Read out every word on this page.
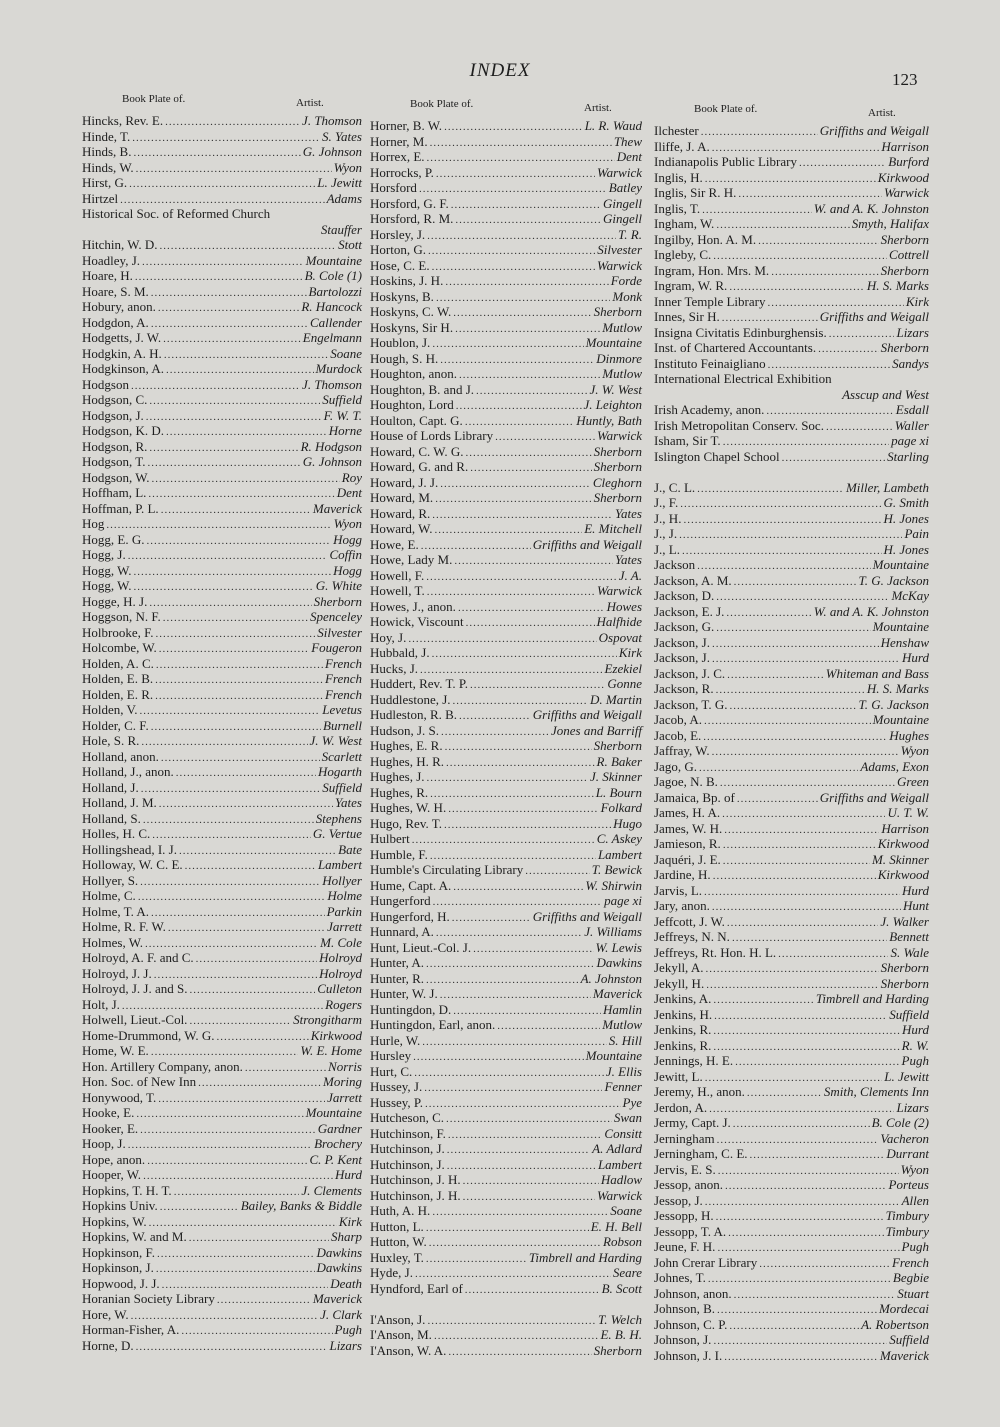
INDEX	123
Book Plate of.	Artist.
Hincks, Rev. E. .....	J. Thomson
Hinde, T. .....	S. Yates
Hinds, B. .....	G. Johnson
Hinds, W. .....	Wyon
Hirst, G. .....	L. Jewitt
Hirtzel .....	Adams
Historical Soc. of Reformed Church
Stauffer
Hitchin, W. D. .....	Stott
Hoadley, J. .....	Mountaine
Hoare, H. .....	B. Cole (1)
Hoare, S. M. .....	Bartolozzi
Hobury, anon. .....	R. Hancock
Hodgdon, A. .....	Callender
Hodgetts, J. W. .....	Engelmann
Hodgkin, A. H. .....	Soane
Hodgkinson, A. .....	Murdock
Hodgson .....	J. Thomson
Hodgson, C. .....	Suffield
Hodgson, J. .....	F. W. T.
Hodgson, K. D. .....	Horne
Hodgson, R. .....	R. Hodgson
Hodgson, T. .....	G. Johnson
Hodgson, W. .....	Roy
Hoffham, L. .....	Dent
Hoffman, P. L. .....	Maverick
Hog .....	Wyon
Hogg, E. G. .....	Hogg
Hogg, J. .....	Coffin
Hogg, W. .....	Hogg
Hogg, W. .....	G. White
Hogge, H. J. .....	Sherborn
Hoggson, N. F. .....	Spenceley
Holbrooke, F. .....	Silvester
Holcombe, W. .....	Fougeron
Holden, A. C. .....	French
Holden, E. B. .....	French
Holden, E. R. .....	French
Holden, V. .....	Levetus
Holder, C. F. .....	Burnell
Hole, S. R. .....	J. W. West
Holland, anon. .....	Scarlett
Holland, J., anon. .....	Hogarth
Holland, J. .....	Suffield
Holland, J. M. .....	Yates
Holland, S. .....	Stephens
Holles, H. C. .....	G. Vertue
Hollingshead, I. J. .....	Bate
Holloway, W. C. E. .....	Lambert
Hollyer, S. .....	Hollyer
Holme, C. .....	Holme
Holme, T. A. .....	Parkin
Holme, R. F. W. .....	Jarrett
Holmes, W. .....	M. Cole
Holroyd, A. F. and C. .....	Holroyd
Holroyd, J. J. .....	Holroyd
Holroyd, J. J. and S. .....	Culleton
Holt, J. .....	Rogers
Holwell, Lieut.-Col. .....	Strongitharm
Home-Drummond, W. G. .....	Kirkwood
Home, W. E. .....	W. E. Home
Hon. Artillery Company, anon. .....	Norris
Hon. Soc. of New Inn .....	Moring
Honywood, T. .....	Jarrett
Hooke, E. .....	Mountaine
Hooker, E. .....	Gardner
Hoop, J. .....	Brochery
Hope, anon. .....	C. P. Kent
Hooper, W. .....	Hurd
Hopkins, T. H. T. .....	J. Clements
Hopkins Univ. .....	Bailey, Banks & Biddle
Hopkins, W. .....	Kirk
Hopkins, W. and M. .....	Sharp
Hopkinson, F. .....	Dawkins
Hopkinson, J. .....	Dawkins
Hopwood, J. J. .....	Death
Horanian Society Library .....	Maverick
Hore, W. .....	J. Clark
Horman-Fisher, A. .....	Pugh
Horne, D. .....	Lizars
Book Plate of.	Artist.
Horner, B. W. .....	L. R. Waud
Horner, M. .....	Thew
Horrex, E. .....	Dent
Horrocks, P. .....	Warwick
Horsford .....	Batley
Horsford, G. F. .....	Gingell
Horsford, R. M. .....	Gingell
Horsley, J. .....	T. R.
Horton, G. .....	Silvester
Hose, C. E. .....	Warwick
Hoskins, J. H. .....	Forde
Hoskyns, B. .....	Monk
Hoskyns, C. W. .....	Sherborn
Hoskyns, Sir H. .....	Mutlow
Houblon, J. .....	Mountaine
Hough, S. H. .....	Dinmore
Houghton, anon. .....	Mutlow
Houghton, B. and J. .....	J. W. West
Houghton, Lord .....	J. Leighton
Houlton, Capt. G. .....	Huntly, Bath
House of Lords Library .....	Warwick
Howard, C. W. G. .....	Sherborn
Howard, G. and R. .....	Sherborn
Howard, J. J. .....	Cleghorn
Howard, M. .....	Sherborn
Howard, R. .....	Yates
Howard, W. .....	E. Mitchell
Howe, E. .....	Griffiths and Weigall
Howe, Lady M. .....	Yates
Howell, F. .....	J. A.
Howell, T. .....	Warwick
Howes, J., anon. .....	Howes
Howick, Viscount .....	Halfhide
Hoy, J. .....	Ospovat
Hubbald, J. .....	Kirk
Hucks, J. .....	Ezekiel
Huddert, Rev. T. P. .....	Gonne
Huddlestone, J. .....	D. Martin
Hudleston, R. B. .....	Griffiths and Weigall
Hudson, J. S. .....	Jones and Barriff
Hughes, E. R. .....	Sherborn
Hughes, H. R. .....	R. Baker
Hughes, J. .....	J. Skinner
Hughes, R. .....	L. Bourn
Hughes, W. H. .....	Folkard
Hugo, Rev. T. .....	Hugo
Hulbert .....	C. Askey
Humble, F. .....	Lambert
Humble's Circulating Library .....	T. Bewick
Hume, Capt. A. .....	W. Shirwin
Hungerford .....	page xi
Hungerford, H. .....	Griffiths and Weigall
Hunnard, A. .....	J. Williams
Hunt, Lieut.-Col. J. .....	W. Lewis
Hunter, A. .....	Dawkins
Hunter, R. .....	A. Johnston
Hunter, W. J. .....	Maverick
Huntingdon, D. .....	Hamlin
Huntingdon, Earl, anon. .....	Mutlow
Hurle, W. .....	S. Hill
Hursley .....	Mountaine
Hurt, C. .....	J. Ellis
Hussey, J. .....	Fenner
Hussey, P. .....	Pye
Hutcheson, C. .....	Swan
Hutchinson, F. .....	Consitt
Hutchinson, J. .....	A. Adlard
Hutchinson, J. .....	Lambert
Hutchinson, J. H. .....	Hadlow
Hutchinson, J. H. .....	Warwick
Huth, A. H. .....	Soane
Hutton, L. .....	E. H. Bell
Hutton, W. .....	Robson
Huxley, T. .....	Timbrell and Harding
Hyde, J. .....	Seare
Hyndford, Earl of .....	B. Scott
I'Anson, J. .....	T. Welch
I'Anson, M. .....	E. B. H.
I'Anson, W. A. .....	Sherborn
Book Plate of.	Artist.
Ilchester .....	Griffiths and Weigall
Iliffe, J. A. .....	Harrison
Indianapolis Public Library .....	Burford
Inglis, H. .....	Kirkwood
Inglis, Sir R. H. .....	Warwick
Inglis, T. .....	W. and A. K. Johnston
Ingham, W. .....	Smyth, Halifax
Ingilby, Hon. A. M. .....	Sherborn
Ingleby, C. .....	Cottrell
Ingram, Hon. Mrs. M. .....	Sherborn
Ingram, W. R. .....	H. S. Marks
Inner Temple Library .....	Kirk
Innes, Sir H. .....	Griffiths and Weigall
Insigna Civitatis Edinburghensis. .....	Lizars
Inst. of Chartered Accountants. .....	Sherborn
Instituto Feinaigliano .....	Sandys
International Electrical Exhibition
Asscup and West
Irish Academy, anon. .....	Esdall
Irish Metropolitan Conserv. Soc. .....	Waller
Isham, Sir T. .....	page xi
Islington Chapel School .....	Starling
J., C. L. .....	Miller, Lambeth
J., F. .....	G. Smith
J., H. .....	H. Jones
J., J. .....	Pain
J., L. .....	H. Jones
Jackson .....	Mountaine
Jackson, A. M. .....	T. G. Jackson
Jackson, D. .....	McKay
Jackson, E. J. .....	W. and A. K. Johnston
Jackson, G. .....	Mountaine
Jackson, J. .....	Henshaw
Jackson, J. .....	Hurd
Jackson, J. C. .....	Whiteman and Bass
Jackson, R. .....	H. S. Marks
Jackson, T. G. .....	T. G. Jackson
Jacob, A. .....	Mountaine
Jacob, E. .....	Hughes
Jaffray, W. .....	Wyon
Jago, G. .....	Adams, Exon
Jagoe, N. B. .....	Green
Jamaica, Bp. of .....	Griffiths and Weigall
James, H. A. .....	U. T. W.
James, W. H. .....	Harrison
Jamieson, R. .....	Kirkwood
Jaquéri, J. E. .....	M. Skinner
Jardine, H. .....	Kirkwood
Jarvis, L. .....	Hurd
Jary, anon. .....	Hunt
Jeffcott, J. W. .....	J. Walker
Jeffreys, N. N. .....	Bennett
Jeffreys, Rt. Hon. H. L. .....	S. Wale
Jekyll, A. .....	Sherborn
Jekyll, H. .....	Sherborn
Jenkins, A. .....	Timbrell and Harding
Jenkins, H. .....	Suffield
Jenkins, R. .....	Hurd
Jenkins, R. .....	R. W.
Jennings, H. E. .....	Pugh
Jewitt, L. .....	L. Jewitt
Jeremy, H., anon. .....	Smith, Clements Inn
Jerdon, A. .....	Lizars
Jermy, Capt. J. .....	B. Cole (2)
Jerningham .....	Vacheron
Jerningham, C. E. .....	Durrant
Jervis, E. S. .....	Wyon
Jessop, anon. .....	Porteus
Jessop, J. .....	Allen
Jessopp, H. .....	Timbury
Jessopp, T. A. .....	Timbury
Jeune, F. H. .....	Pugh
John Crerar Library .....	French
Johnes, T. .....	Begbie
Johnson, anon. .....	Stuart
Johnson, B. .....	Mordecai
Johnson, C. P. .....	A. Robertson
Johnson, J. .....	Suffield
Johnson, J. I. .....	Maverick
